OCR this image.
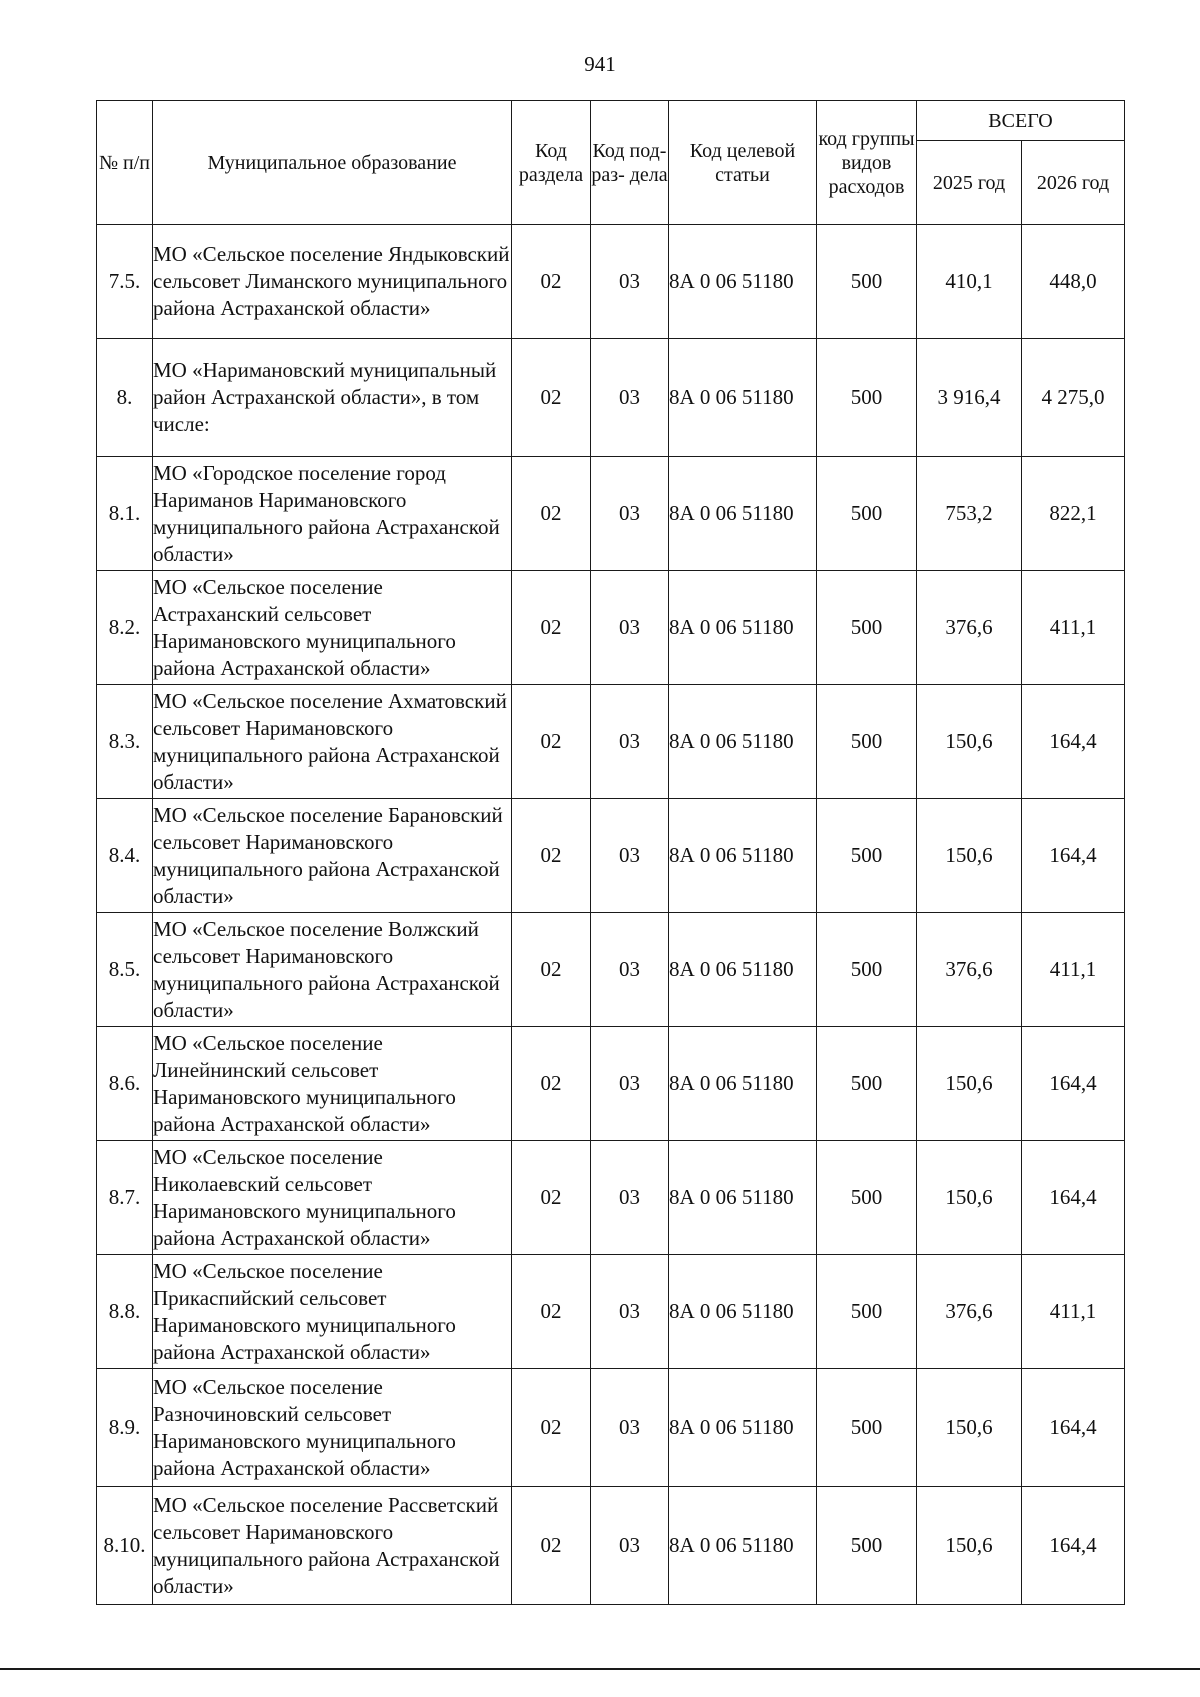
941
№ п/п	Муниципальное образование	Код раздела	Код под- раз- дела	Код целевой статьи	код группы видов расходов	ВСЕГО	
						2025 год	2026 год
7.5.	МО «Сельское поселение Яндыковский сельсовет Лиманского муниципального района Астраханской области»	02	03	8А 0 06 51180	500	410,1	448,0
8.	МО «Наримановский муниципальный район Астраханской области», в том числе:	02	03	8А 0 06 51180	500	3 916,4	4 275,0
8.1.	МО «Городское поселение город Нариманов Наримановского муниципального района Астраханской области»	02	03	8А 0 06 51180	500	753,2	822,1
8.2.	МО «Сельское поселение Астраханский сельсовет Наримановского муниципального района Астраханской области»	02	03	8А 0 06 51180	500	376,6	411,1
8.3.	МО «Сельское поселение Ахматовский сельсовет Наримановского муниципального района Астраханской области»	02	03	8А 0 06 51180	500	150,6	164,4
8.4.	МО «Сельское поселение Барановский сельсовет Наримановского муниципального района Астраханской области»	02	03	8А 0 06 51180	500	150,6	164,4
8.5.	МО «Сельское поселение Волжский сельсовет Наримановского муниципального района Астраханской области»	02	03	8А 0 06 51180	500	376,6	411,1
8.6.	МО «Сельское поселение Линейнинский сельсовет Наримановского муниципального района Астраханской области»	02	03	8А 0 06 51180	500	150,6	164,4
8.7.	МО «Сельское поселение Николаевский сельсовет Наримановского муниципального района Астраханской области»	02	03	8А 0 06 51180	500	150,6	164,4
8.8.	МО «Сельское поселение Прикаспийский сельсовет Наримановского муниципального района Астраханской области»	02	03	8А 0 06 51180	500	376,6	411,1
8.9.	МО «Сельское поселение Разночиновский сельсовет Наримановского муниципального района Астраханской области»	02	03	8А 0 06 51180	500	150,6	164,4
8.10.	МО «Сельское поселение Рассветский сельсовет Наримановского муниципального района Астраханской области»	02	03	8А 0 06 51180	500	150,6	164,4
